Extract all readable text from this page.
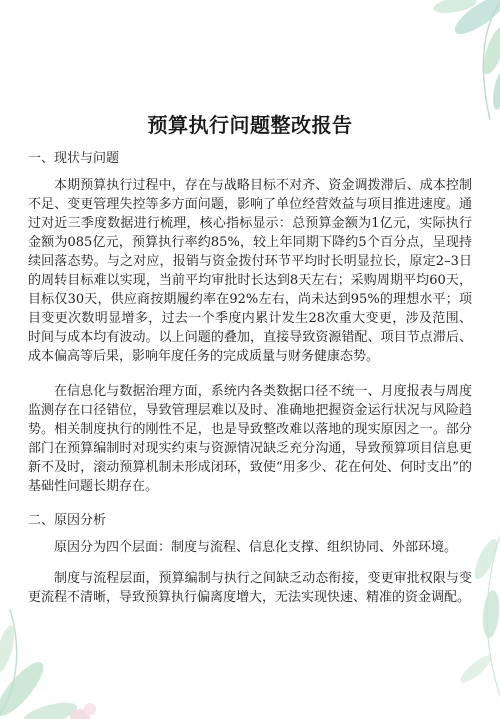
预算执行问题整改报告
一、现状与问题

本期预算执行过程中，存在与战略目标不对齐、资金调拨滞后、成本控制不足、变更管理失控等多方面问题，影响了单位经营效益与项目推进速度。通过对近三季度数据进行梳理，核心指标显示：总预算金额为1亿元，实际执行金额为085亿元，预算执行率约85%，较上年同期下降约5个百分点，呈现持续回落态势。与之对应，报销与资金拨付环节平均时长明显拉长，原定2–3日的周转目标难以实现，当前平均审批时长达到8天左右；采购周期平均60天，目标仅30天，供应商按期履约率在92%左右，尚未达到95%的理想水平；项目变更次数明显增多，过去一个季度内累计发生28次重大变更，涉及范围、时间与成本均有波动。以上问题的叠加，直接导致资源错配、项目节点滞后、成本偏高等后果，影响年度任务的完成质量与财务健康态势。

在信息化与数据治理方面，系统内各类数据口径不统一、月度报表与周度监测存在口径错位，导致管理层难以及时、准确地把握资金运行状况与风险趋势。相关制度执行的刚性不足，也是导致整改难以落地的现实原因之一。部分部门在预算编制时对现实约束与资源情况缺乏充分沟通，导致预算项目信息更新不及时，滚动预算机制未形成闭环，致使“用多少、花在何处、何时支出”的基础性问题长期存在。

二、原因分析

原因分为四个层面：制度与流程、信息化支撑、组织协同、外部环境。

制度与流程层面，预算编制与执行之间缺乏动态衔接，变更审批权限与变更流程不清晰，导致预算执行偏离度增大，无法实现快速、精准的资金调配。
